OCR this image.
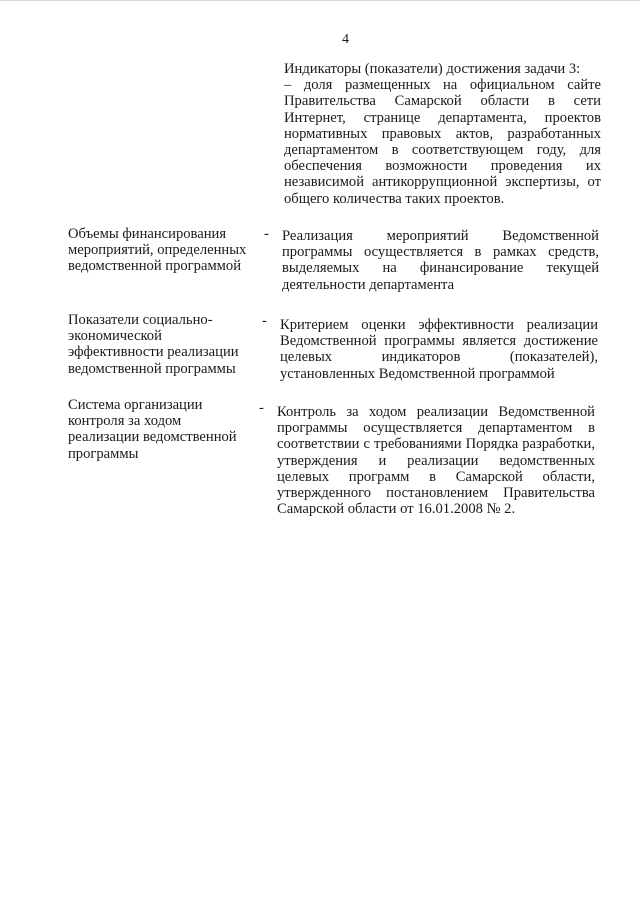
4
Индикаторы (показатели) достижения задачи 3:
– доля размещенных на официальном сайте Правительства Самарской области в сети Интернет, странице департамента, проектов нормативных правовых актов, разработанных департаментом в соответствующем году, для обеспечения возможности проведения их независимой антикоррупционной экспертизы, от общего количества таких проектов.
Объемы финансирования мероприятий, определенных ведомственной программой
- Реализация мероприятий Ведомственной программы осуществляется в рамках средств, выделяемых на финансирование текущей деятельности департамента
Показатели социально-экономической эффективности реализации ведомственной программы
- Критерием оценки эффективности реализации Ведомственной программы является достижение целевых индикаторов (показателей), установленных Ведомственной программой
Система организации контроля за ходом реализации ведомственной программы
- Контроль за ходом реализации Ведомственной программы осуществляется департаментом в соответствии с требованиями Порядка разработки, утверждения и реализации ведомственных целевых программ в Самарской области, утвержденного постановлением Правительства Самарской области от 16.01.2008 № 2.
